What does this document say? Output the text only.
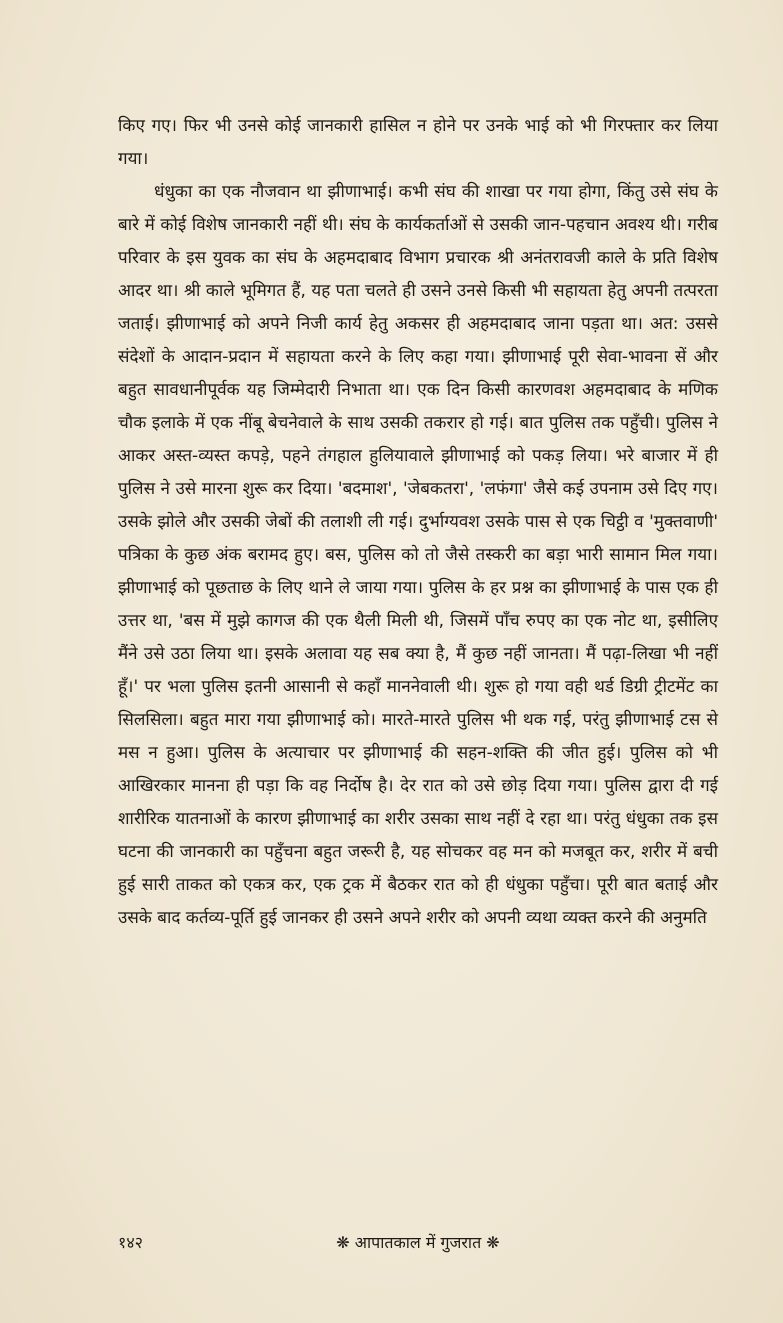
किए गए। फिर भी उनसे कोई जानकारी हासिल न होने पर उनके भाई को भी गिरफ्तार कर लिया गया।

धंधुका का एक नौजवान था झीणाभाई। कभी संघ की शाखा पर गया होगा, किंतु उसे संघ के बारे में कोई विशेष जानकारी नहीं थी। संघ के कार्यकर्ताओं से उसकी जान-पहचान अवश्य थी। गरीब परिवार के इस युवक का संघ के अहमदाबाद विभाग प्रचारक श्री अनंतरावजी काले के प्रति विशेष आदर था। श्री काले भूमिगत हैं, यह पता चलते ही उसने उनसे किसी भी सहायता हेतु अपनी तत्परता जताई। झीणाभाई को अपने निजी कार्य हेतु अकसर ही अहमदाबाद जाना पड़ता था। अत: उससे संदेशों के आदान-प्रदान में सहायता करने के लिए कहा गया। झीणाभाई पूरी सेवा-भावना सें और बहुत सावधानीपूर्वक यह जिम्मेदारी निभाता था। एक दिन किसी कारणवश अहमदाबाद के मणिक चौक इलाके में एक नींबू बेचनेवाले के साथ उसकी तकरार हो गई। बात पुलिस तक पहुँची। पुलिस ने आकर अस्त-व्यस्त कपड़े, पहने तंगहाल हुलियावाले झीणाभाई को पकड़ लिया। भरे बाजार में ही पुलिस ने उसे मारना शुरू कर दिया। 'बदमाश', 'जेबकतरा', 'लफंगा' जैसे कई उपनाम उसे दिए गए। उसके झोले और उसकी जेबों की तलाशी ली गई। दुर्भाग्यवश उसके पास से एक चिट्ठी व 'मुक्तवाणी' पत्रिका के कुछ अंक बरामद हुए। बस, पुलिस को तो जैसे तस्करी का बड़ा भारी सामान मिल गया। झीणाभाई को पूछताछ के लिए थाने ले जाया गया। पुलिस के हर प्रश्न का झीणाभाई के पास एक ही उत्तर था, 'बस में मुझे कागज की एक थैली मिली थी, जिसमें पाँच रुपए का एक नोट था, इसीलिए मैंने उसे उठा लिया था। इसके अलावा यह सब क्या है, मैं कुछ नहीं जानता। मैं पढ़ा-लिखा भी नहीं हूँ।' पर भला पुलिस इतनी आसानी से कहाँ माननेवाली थी। शुरू हो गया वही थर्ड डिग्री ट्रीटमेंट का सिलसिला। बहुत मारा गया झीणाभाई को। मारते-मारते पुलिस भी थक गई, परंतु झीणाभाई टस से मस न हुआ। पुलिस के अत्याचार पर झीणाभाई की सहन-शक्ति की जीत हुई। पुलिस को भी आखिरकार मानना ही पड़ा कि वह निर्दोष है। देर रात को उसे छोड़ दिया गया। पुलिस द्वारा दी गई शारीरिक यातनाओं के कारण झीणाभाई का शरीर उसका साथ नहीं दे रहा था। परंतु धंधुका तक इस घटना की जानकारी का पहुँचना बहुत जरूरी है, यह सोचकर वह मन को मजबूत कर, शरीर में बची हुई सारी ताकत को एकत्र कर, एक ट्रक में बैठकर रात को ही धंधुका पहुँचा। पूरी बात बताई और उसके बाद कर्तव्य-पूर्ति हुई जानकर ही उसने अपने शरीर को अपनी व्यथा व्यक्त करने की अनुमति

१४२	❋ आपातकाल में गुजरात ❋
